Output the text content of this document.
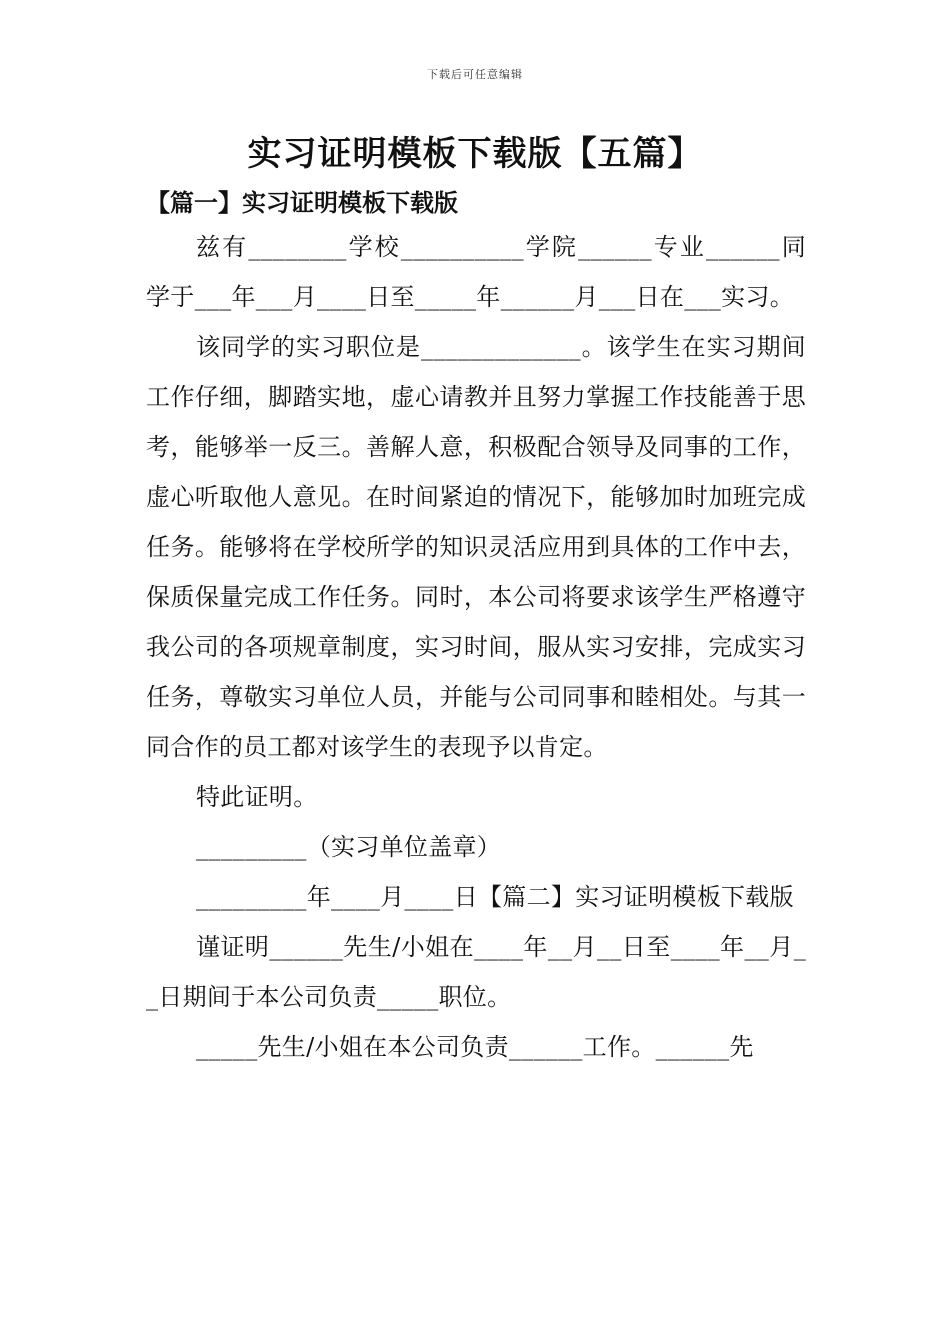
下载后可任意编辑
实习证明模板下载版【五篇】
【篇一】实习证明模板下载版

兹有________学校__________学院______专业______同学于___年___月____日至_____年______月___日在___实习。

该同学的实习职位是_____________。该学生在实习期间工作仔细，脚踏实地，虚心请教并且努力掌握工作技能善于思考，能够举一反三。善解人意，积极配合领导及同事的工作，虚心听取他人意见。在时间紧迫的情况下，能够加时加班完成任务。能够将在学校所学的知识灵活应用到具体的工作中去，保质保量完成工作任务。同时，本公司将要求该学生严格遵守我公司的各项规章制度，实习时间，服从实习安排，完成实习任务，尊敬实习单位人员，并能与公司同事和睦相处。与其一同合作的员工都对该学生的表现予以肯定。

特此证明。

_________（实习单位盖章）

_________年____月____日【篇二】实习证明模板下载版

谨证明______先生/小姐在____年__月__日至____年__月__日期间于本公司负责_____职位。

_____先生/小姐在本公司负责______工作。______先
